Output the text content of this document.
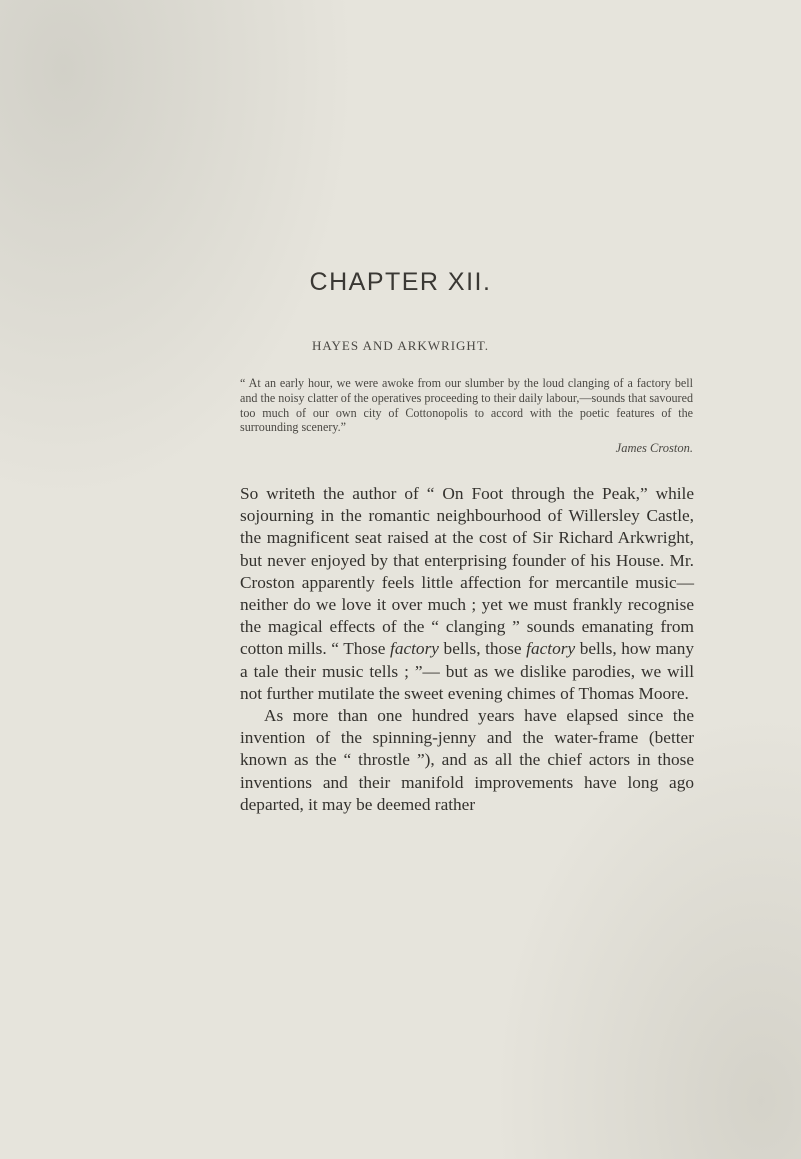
CHAPTER XII.
HAYES AND ARKWRIGHT.
“ At an early hour, we were awoke from our slumber by the loud clanging of a factory bell and the noisy clatter of the operatives proceeding to their daily labour,—sounds that savoured too much of our own city of Cottonopolis to accord with the poetic features of the surrounding scenery.”
James Croston.

So writeth the author of “ On Foot through the Peak,” while sojourning in the romantic neighbourhood of Willersley Castle, the magnificent seat raised at the cost of Sir Richard Arkwright, but never enjoyed by that enterprising founder of his House. Mr. Croston apparently feels little affection for mercantile music— neither do we love it over much ; yet we must frankly recognise the magical effects of the “ clanging ” sounds emanating from cotton mills. “ Those factory bells, those factory bells, how many a tale their music tells ; ”— but as we dislike parodies, we will not further mutilate the sweet evening chimes of Thomas Moore.

As more than one hundred years have elapsed since the invention of the spinning-jenny and the water-frame (better known as the “ throstle ”), and as all the chief actors in those inventions and their manifold improvements have long ago departed, it may be deemed rather
